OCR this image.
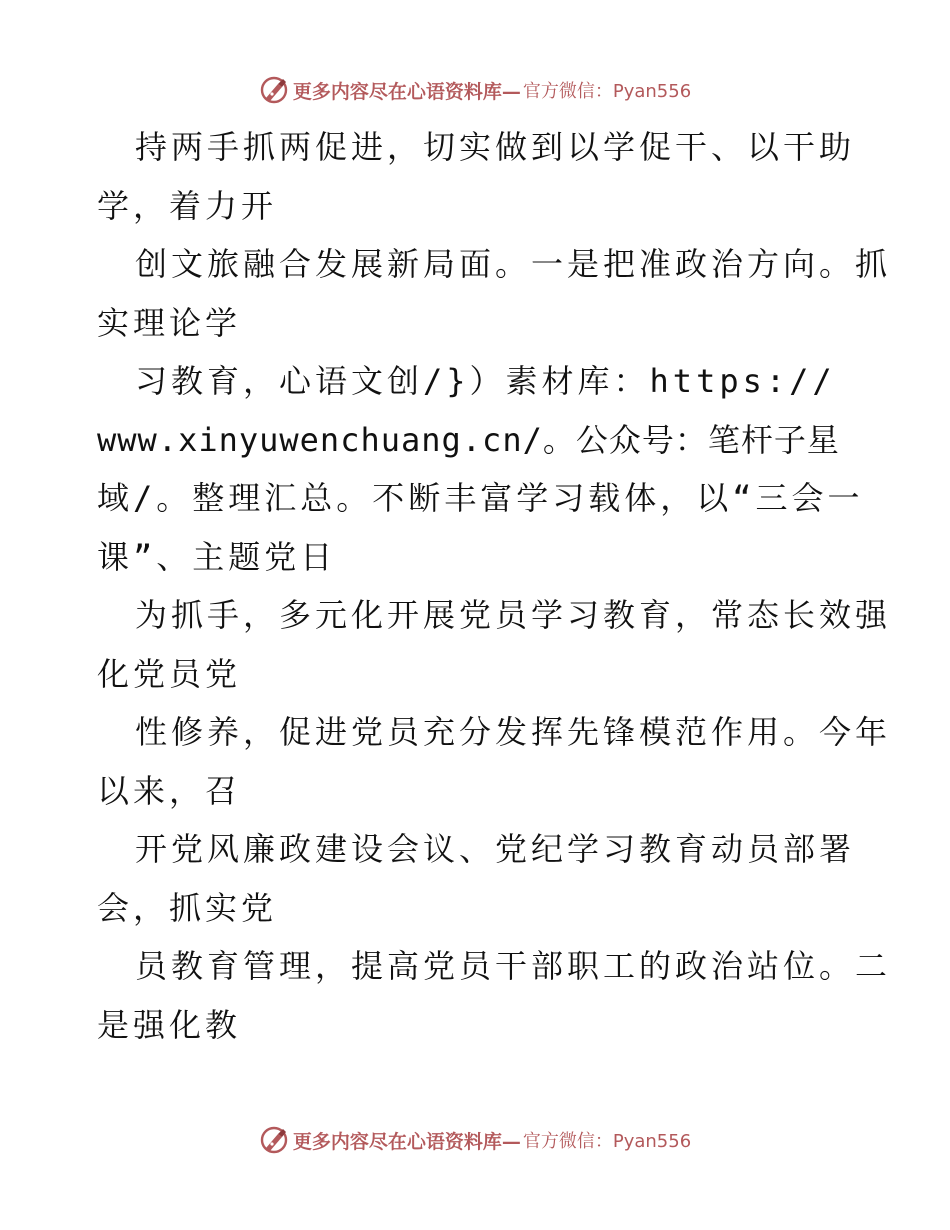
更多内容尽在心语资料库— 官方微信：Pyan556
持两手抓两促进，切实做到以学促干、以干助
学，着力开
创文旅融合发展新局面。一是把准政治方向。抓
实理论学
习教育，心语文创/}）素材库：https://
www.xinyuwenchuang.cn/。公众号：笔杆子星
域/。整理汇总。不断丰富学习载体，以“三会一
课”、主题党日
为抓手，多元化开展党员学习教育，常态长效强
化党员党
性修养，促进党员充分发挥先锋模范作用。今年
以来，召
开党风廉政建设会议、党纪学习教育动员部署
会，抓实党
员教育管理，提高党员干部职工的政治站位。二
是强化教
更多内容尽在心语资料库— 官方微信：Pyan556
